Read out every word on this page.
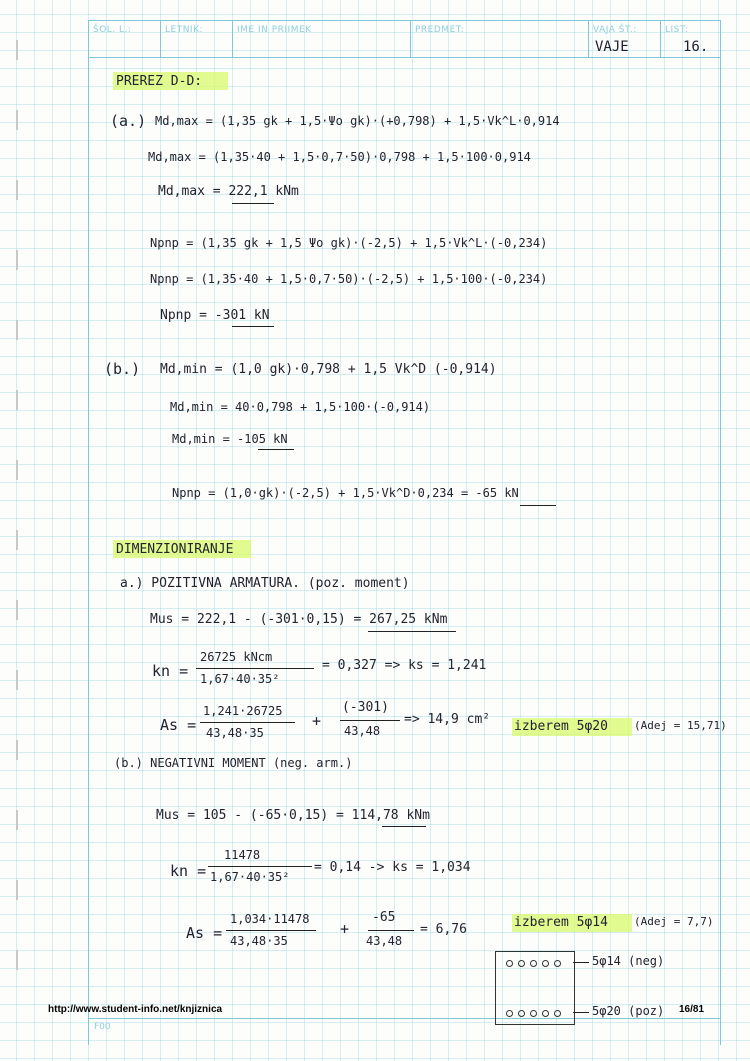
ŠOL. L.:	LETNIK:	IME IN PRIIMEK	PREDMET:	VAJA ŠT.:
VAJE
LIST:
16.
PREREZ D-D:
(a.) Md,max = (1,35 gk + 1,5·Ψo gk)·(+0,798) + 1,5·Vk^L·0,914
Md,max = (1,35·40 + 1,5·0,7·50)·0,798 + 1,5·100·0,914
Md,max = 222,1 kNm
Npnp = (1,35 gk + 1,5 Ψo gk)·(-2,5) + 1,5·Vk^L·(-0,234)
Npnp = (1,35·40 + 1,5·0,7·50)·(-2,5) + 1,5·100·(-0,234)
Npnp = -301 kN
(b.) Md,min = (1,0 gk)·0,798 + 1,5 Vk^D (-0,914)
Md,min = 40·0,798 + 1,5·100·(-0,914)
Md,min = -105 kN
Npnp = (1,0·gk)·(-2,5) + 1,5·Vk^D·0,234 = -65 kN
DIMENZIONIRANJE
a.) POZITIVNA ARMATURA. (poz. moment)
Mus = 222,1 - (-301·0,15) = 267,25 kNm
kn =
26725 kNcm
1,67·40·35²
= 0,327 => ks = 1,241
As =
1,241·26725
43,48·35
+
(-301)
43,48
=> 14,9 cm² izberem 5φ20 (Adej = 15,71)
(b.) NEGATIVNI MOMENT (neg. arm.)
Mus = 105 - (-65·0,15) = 114,78 kNm
kn =
11478
1,67·40·35²
= 0,14 -> ks = 1,034
As =
1,034·11478
43,48·35
+
-65
43,48
= 6,76	izberem 5φ14 (Adej = 7,7)
5φ14 (neg)
5φ20 (poz)
http://www.student-info.net/knjiznica	16/81
F00
